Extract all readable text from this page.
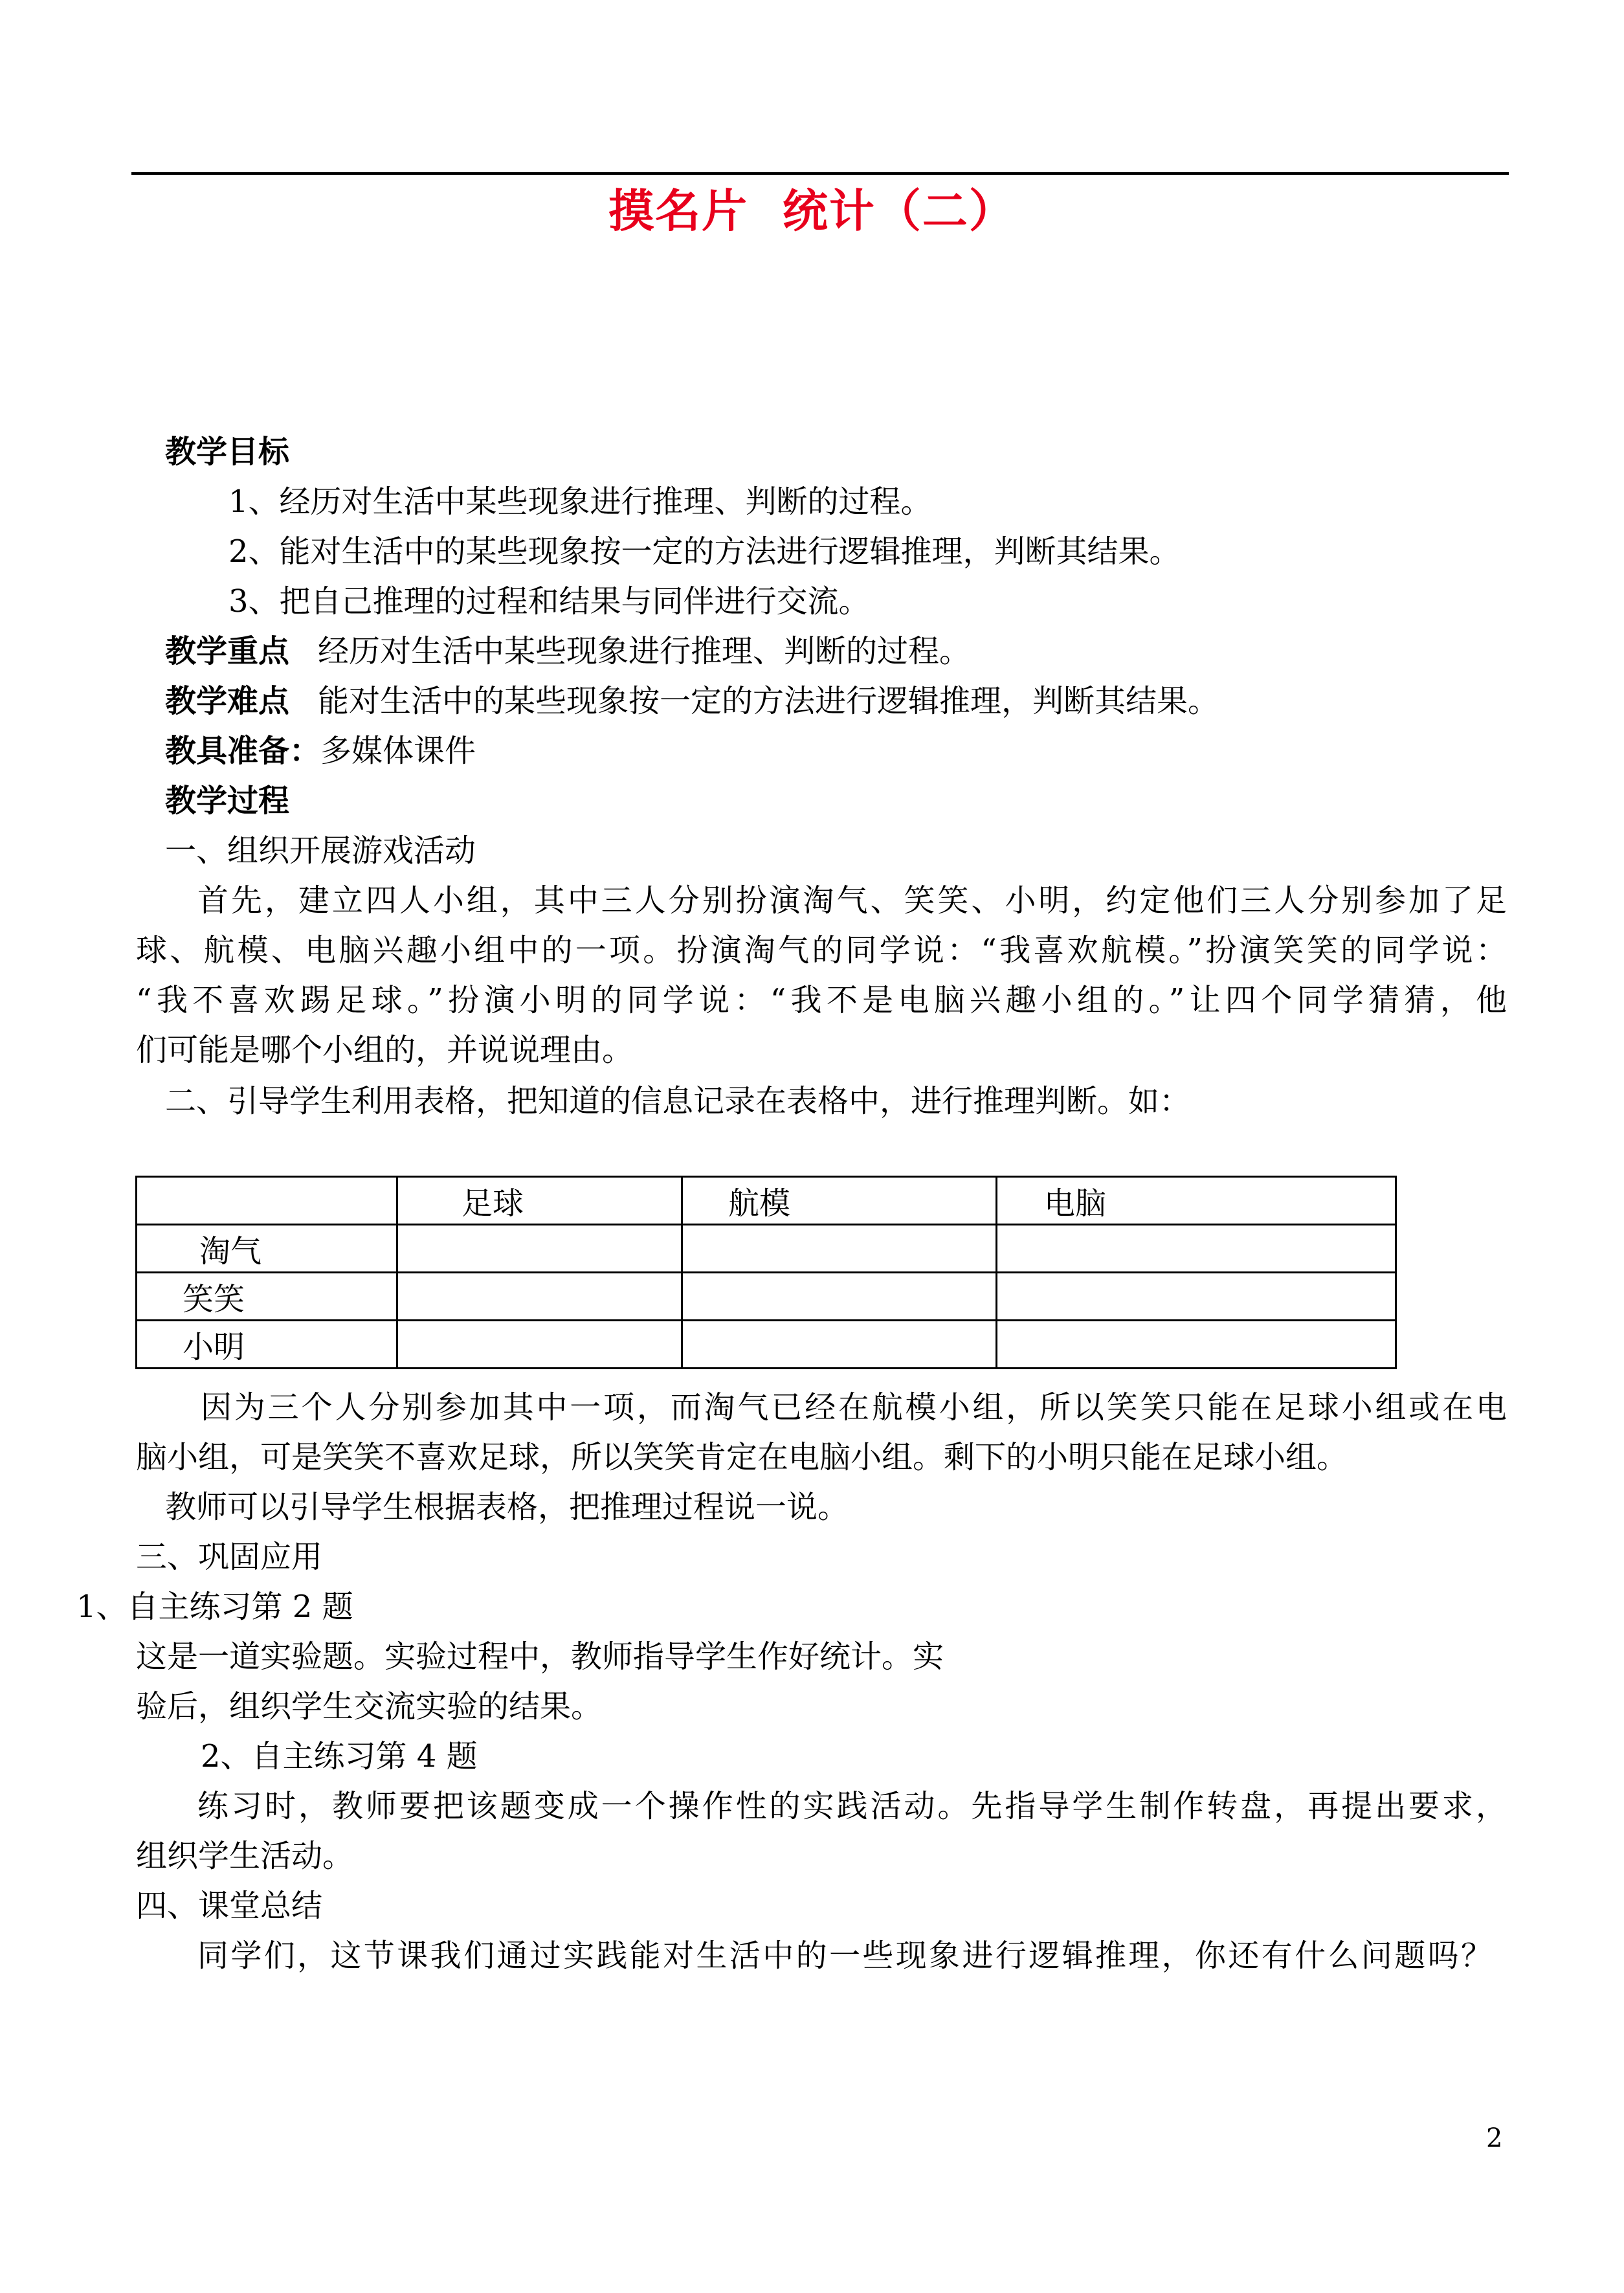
摸名片  统计（二）
教学目标
1、经历对生活中某些现象进行推理、判断的过程。
2、能对生活中的某些现象按一定的方法进行逻辑推理，判断其结果。
3、把自己推理的过程和结果与同伴进行交流。
教学重点 经历对生活中某些现象进行推理、判断的过程。
教学难点 能对生活中的某些现象按一定的方法进行逻辑推理，判断其结果。
教具准备：多媒体课件
教学过程
一、组织开展游戏活动
首先，建立四人小组，其中三人分别扮演淘气、笑笑、小明，约定他们三人分别参加了足
球、航模、电脑兴趣小组中的一项。扮演淘气的同学说：“我喜欢航模。”扮演笑笑的同学说：
“我不喜欢踢足球。”扮演小明的同学说：“我不是电脑兴趣小组的。”让四个同学猜猜，他
们可能是哪个小组的，并说说理由。
二、引导学生利用表格，把知道的信息记录在表格中，进行推理判断。如：
	足球	航模	电脑
淘气			
笑笑			
小明			
因为三个人分别参加其中一项，而淘气已经在航模小组，所以笑笑只能在足球小组或在电
脑小组，可是笑笑不喜欢足球，所以笑笑肯定在电脑小组。剩下的小明只能在足球小组。
教师可以引导学生根据表格，把推理过程说一说。
三、巩固应用
1、自主练习第 2 题
这是一道实验题。实验过程中，教师指导学生作好统计。实
验后，组织学生交流实验的结果。
2、自主练习第 4 题
练习时，教师要把该题变成一个操作性的实践活动。先指导学生制作转盘，再提出要求，
组织学生活动。
四、课堂总结
同学们，这节课我们通过实践能对生活中的一些现象进行逻辑推理，你还有什么问题吗？
2
